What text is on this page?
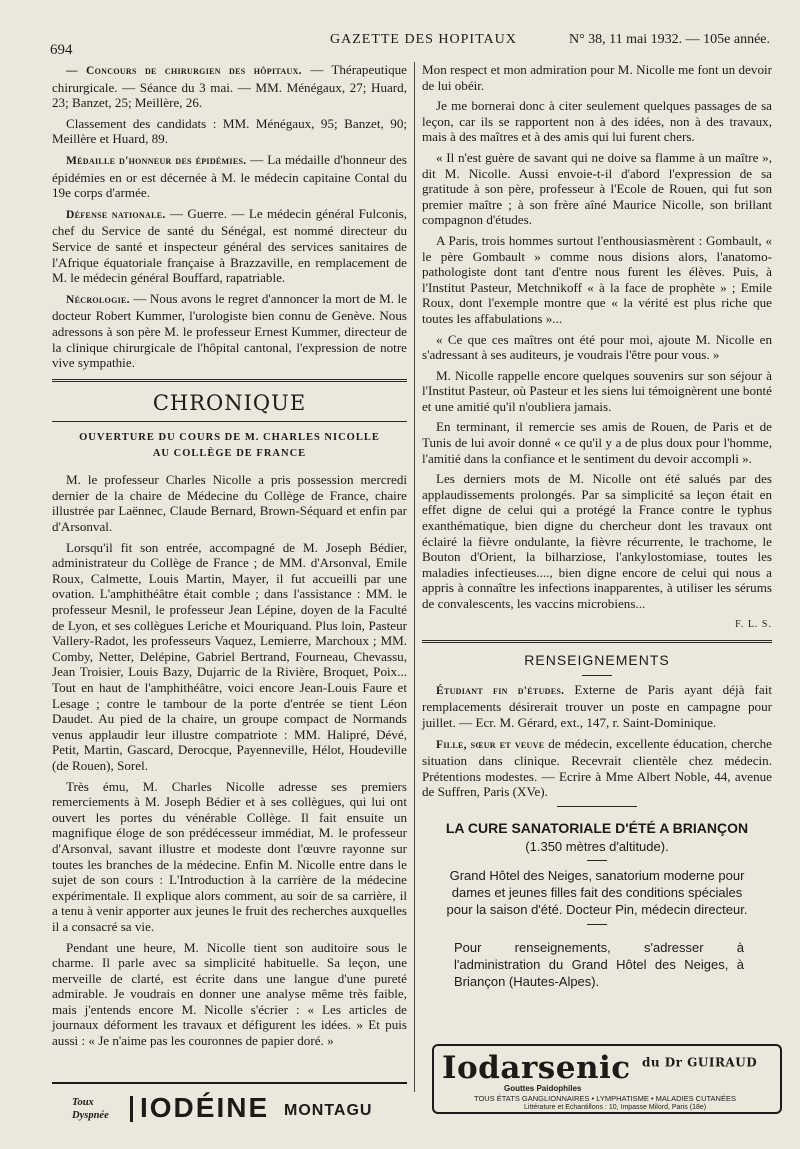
694
GAZETTE DES HOPITAUX	N° 38, 11 mai 1932. — 105e année.

— Concours de chirurgien des hôpitaux. — Thérapeutique chirurgicale. — Séance du 3 mai. — MM. Ménégaux, 27; Huard, 23; Banzet, 25; Meillère, 26.

Classement des candidats : MM. Ménégaux, 95; Banzet, 90; Meillère et Huard, 89.

Médaille d'honneur des épidémies. — La médaille d'honneur des épidémies en or est décernée à M. le médecin capitaine Contal du 19e corps d'armée.

Défense nationale. — Guerre. — Le médecin général Fulconis, chef du Service de santé du Sénégal, est nommé directeur du Service de santé et inspecteur général des services sanitaires de l'Afrique équatoriale française à Brazzaville, en remplacement de M. le médecin général Bouffard, rapatriable.

Nécrologie. — Nous avons le regret d'annoncer la mort de M. le docteur Robert Kummer, l'urologiste bien connu de Genève. Nous adressons à son père M. le professeur Ernest Kummer, directeur de la clinique chirurgicale de l'hôpital cantonal, l'expression de notre vive sympathie.

CHRONIQUE
OUVERTURE DU COURS DE M. CHARLES NICOLLE
AU COLLÈGE DE FRANCE

M. le professeur Charles Nicolle a pris possession mercredi dernier de la chaire de Médecine du Collège de France, chaire illustrée par Laënnec, Claude Bernard, Brown-Séquard et enfin par d'Arsonval.

Lorsqu'il fit son entrée, accompagné de M. Joseph Bédier, administrateur du Collège de France ; de MM. d'Arsonval, Emile Roux, Calmette, Louis Martin, Mayer, il fut accueilli par une ovation. L'amphithéâtre était comble ; dans l'assistance : MM. le professeur Mesnil, le professeur Jean Lépine, doyen de la Faculté de Lyon, et ses collègues Leriche et Mouriquand. Plus loin, Pasteur Vallery-Radot, les professeurs Vaquez, Lemierre, Marchoux ; MM. Comby, Netter, Delépine, Gabriel Bertrand, Fourneau, Chevassu, Jean Troisier, Louis Bazy, Dujarric de la Rivière, Broquet, Poix... Tout en haut de l'amphithéâtre, voici encore Jean-Louis Faure et Lesage ; contre le tambour de la porte d'entrée se tient Léon Daudet. Au pied de la chaire, un groupe compact de Normands venus applaudir leur illustre compatriote : MM. Halipré, Dévé, Petit, Martin, Gascard, Derocque, Payenneville, Hélot, Houdeville (de Rouen), Sorel.

Très ému, M. Charles Nicolle adresse ses premiers remerciements à M. Joseph Bédier et à ses collègues, qui lui ont ouvert les portes du vénérable Collège. Il fait ensuite un magnifique éloge de son prédécesseur immédiat, M. le professeur d'Arsonval, savant illustre et modeste dont l'œuvre rayonne sur toutes les branches de la médecine. Enfin M. Nicolle entre dans le sujet de son cours : L'Introduction à la carrière de la médecine expérimentale. Il explique alors comment, au soir de sa carrière, il a tenu à venir apporter aux jeunes le fruit des recherches auxquelles il a consacré sa vie.

Pendant une heure, M. Nicolle tient son auditoire sous le charme. Il parle avec sa simplicité habituelle. Sa leçon, une merveille de clarté, est écrite dans une langue d'une pureté admirable. Je voudrais en donner une analyse même très faible, mais j'entends encore M. Nicolle s'écrier : « Les articles de journaux déforment les travaux et défigurent les idées. » Et puis aussi : « Je n'aime pas les couronnes de papier doré. »

Mon respect et mon admiration pour M. Nicolle me font un devoir de lui obéir.

Je me bornerai donc à citer seulement quelques passages de sa leçon, car ils se rapportent non à des idées, non à des travaux, mais à des maîtres et à des amis qui lui furent chers.

« Il n'est guère de savant qui ne doive sa flamme à un maître », dit M. Nicolle. Aussi envoie-t-il d'abord l'expression de sa gratitude à son père, professeur à l'Ecole de Rouen, qui fut son premier maître ; à son frère aîné Maurice Nicolle, son brillant compagnon d'études.

A Paris, trois hommes surtout l'enthousiasmèrent : Gombault, « le père Gombault » comme nous disions alors, l'anatomo-pathologiste dont tant d'entre nous furent les élèves. Puis, à l'Institut Pasteur, Metchnikoff « à la face de prophète » ; Emile Roux, dont l'exemple montre que « la vérité est plus riche que toutes les affabulations »...

« Ce que ces maîtres ont été pour moi, ajoute M. Nicolle en s'adressant à ses auditeurs, je voudrais l'être pour vous. »

M. Nicolle rappelle encore quelques souvenirs sur son séjour à l'Institut Pasteur, où Pasteur et les siens lui témoignèrent une bonté et une amitié qu'il n'oubliera jamais.

En terminant, il remercie ses amis de Rouen, de Paris et de Tunis de lui avoir donné « ce qu'il y a de plus doux pour l'homme, l'amitié dans la confiance et le sentiment du devoir accompli ».

Les derniers mots de M. Nicolle ont été salués par des applaudissements prolongés. Par sa simplicité sa leçon était en effet digne de celui qui a protégé la France contre le typhus exanthématique, bien digne du chercheur dont les travaux ont éclairé la fièvre ondulante, la fièvre récurrente, le trachome, le Bouton d'Orient, la bilharziose, l'ankylostomiase, toutes les maladies infectieuses...., bien digne encore de celui qui nous a appris à connaître les infections inapparentes, à utiliser les sérums de convalescents, les vaccins microbiens...

F. L. S.
RENSEIGNEMENTS

Étudiant fin d'études. Externe de Paris ayant déjà fait remplacements désirerait trouver un poste en campagne pour juillet. — Ecr. M. Gérard, ext., 147, r. Saint-Dominique.

Fille, sœur et veuve de médecin, excellente éducation, cherche situation dans clinique. Recevrait clientèle chez médecin. Prétentions modestes. — Ecrire à Mme Albert Noble, 44, avenue de Suffren, Paris (XVe).

LA CURE SANATORIALE D'ÉTÉ A BRIANÇON
(1.350 mètres d'altitude).
Grand Hôtel des Neiges, sanatorium moderne pour dames et jeunes filles fait des conditions spéciales pour la saison d'été. Docteur Pin, médecin directeur.
Pour renseignements, s'adresser à l'administration du Grand Hôtel des Neiges, à Briançon (Hautes-Alpes).
Iodarsenic $^{du Dr GUIRAUD}$
Gouttes Paidophiles
TOUS ÉTATS GANGLIONNAIRES • LYMPHATISME • MALADIES CUTANÉES
Littérature et Echantillons : 10, Impasse Milord, Paris (18e)
Toux
Dyspnée IODÉINE MONTAGU
